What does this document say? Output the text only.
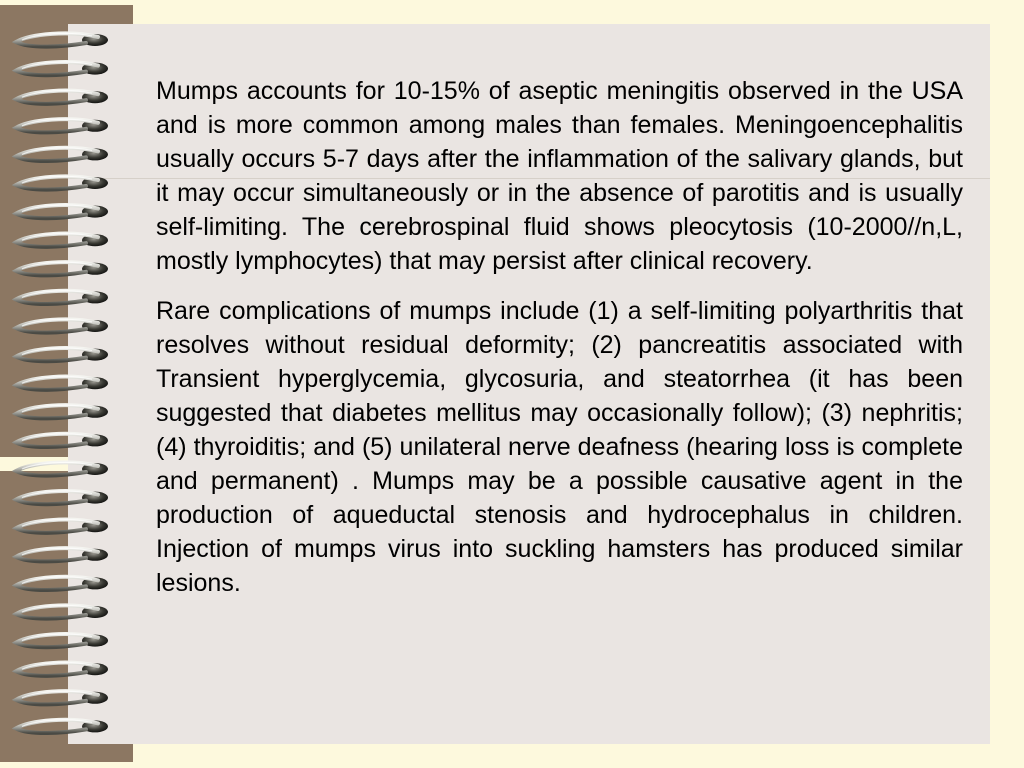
Mumps accounts for 10-15% of aseptic meningitis observed in the USA and is more common among males than females. Meningoencephalitis usually occurs 5-7 days after the inflammation of the salivary glands, but it may occur simultaneously or in the absence of parotitis and is usually self-limiting. The cerebrospinal fluid shows pleocytosis (10-2000//n,L, mostly lymphocytes) that may persist after clinical recovery.

Rare complications of mumps include (1) a self-limiting polyarthritis that resolves without residual deformity; (2) pancreatitis associated with Transient hyperglycemia, glycosuria, and steatorrhea (it has been suggested that diabetes mellitus may occasionally follow); (3) nephritis; (4) thyroiditis; and (5) unilateral nerve deafness (hearing loss is complete and permanent) . Mumps may be a possible causative agent in the production of aqueductal stenosis and hydrocephalus in children. Injection of mumps virus into suckling hamsters has produced similar lesions.
